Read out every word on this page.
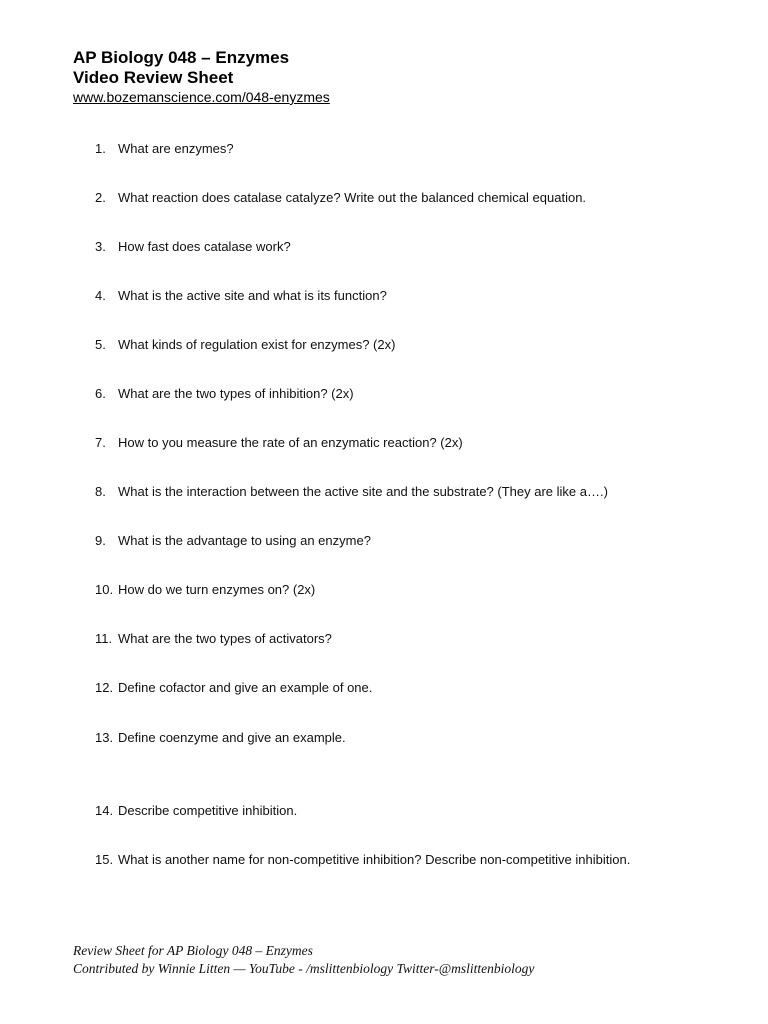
AP Biology 048 – Enzymes
Video Review Sheet
www.bozemanscience.com/048-enyzmes
1. What are enzymes?
2. What reaction does catalase catalyze? Write out the balanced chemical equation.
3. How fast does catalase work?
4. What is the active site and what is its function?
5. What kinds of regulation exist for enzymes? (2x)
6. What are the two types of inhibition? (2x)
7. How to you measure the rate of an enzymatic reaction? (2x)
8. What is the interaction between the active site and the substrate? (They are like a….)
9. What is the advantage to using an enzyme?
10. How do we turn enzymes on? (2x)
11. What are the two types of activators?
12. Define cofactor and give an example of one.
13. Define coenzyme and give an example.
14. Describe competitive inhibition.
15. What is another name for non-competitive inhibition? Describe non-competitive inhibition.
Review Sheet for AP Biology 048 – Enzymes
Contributed by Winnie Litten — YouTube - /mslittenbiology Twitter-@mslittenbiology
